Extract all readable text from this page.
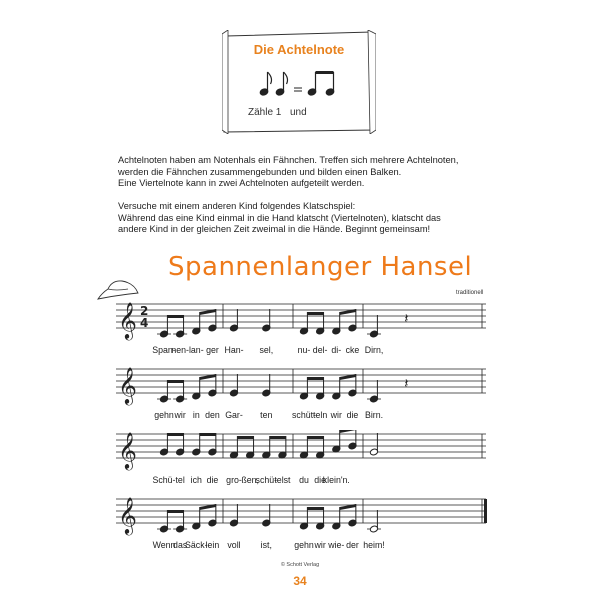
Die Achtelnote
Zähle 1 und
Achtelnoten haben am Notenhals ein Fähnchen. Treffen sich mehrere Achtelnoten,
werden die Fähnchen zusammengebunden und bilden einen Balken.
Eine Viertelnote kann in zwei Achtelnoten aufgeteilt werden.
Versuche mit einem anderen Kind folgendes Klatschspiel:
Während das eine Kind einmal in die Hand klatscht (Viertelnoten), klatscht das
andere Kind in der gleichen Zeit zweimal in die Hände. Beginnt gemeinsam!
Spannenlanger Hansel
traditionell
𝄞 2
4	𝄽
Span-
nen- lan- ger Han- sel,	nu- del- di- cke Dirn,
𝄞	𝄽
gehn wir in den Gar- ten schüt-
teln wir die Birn.
𝄞
Schü- tel ich die gro- ßen,
schü-
telst du die
klein'n.
𝄞
Wenn
das
Säck-
lein voll ist,	gehn wir wie- der heim!
© Schott Verlag
34
